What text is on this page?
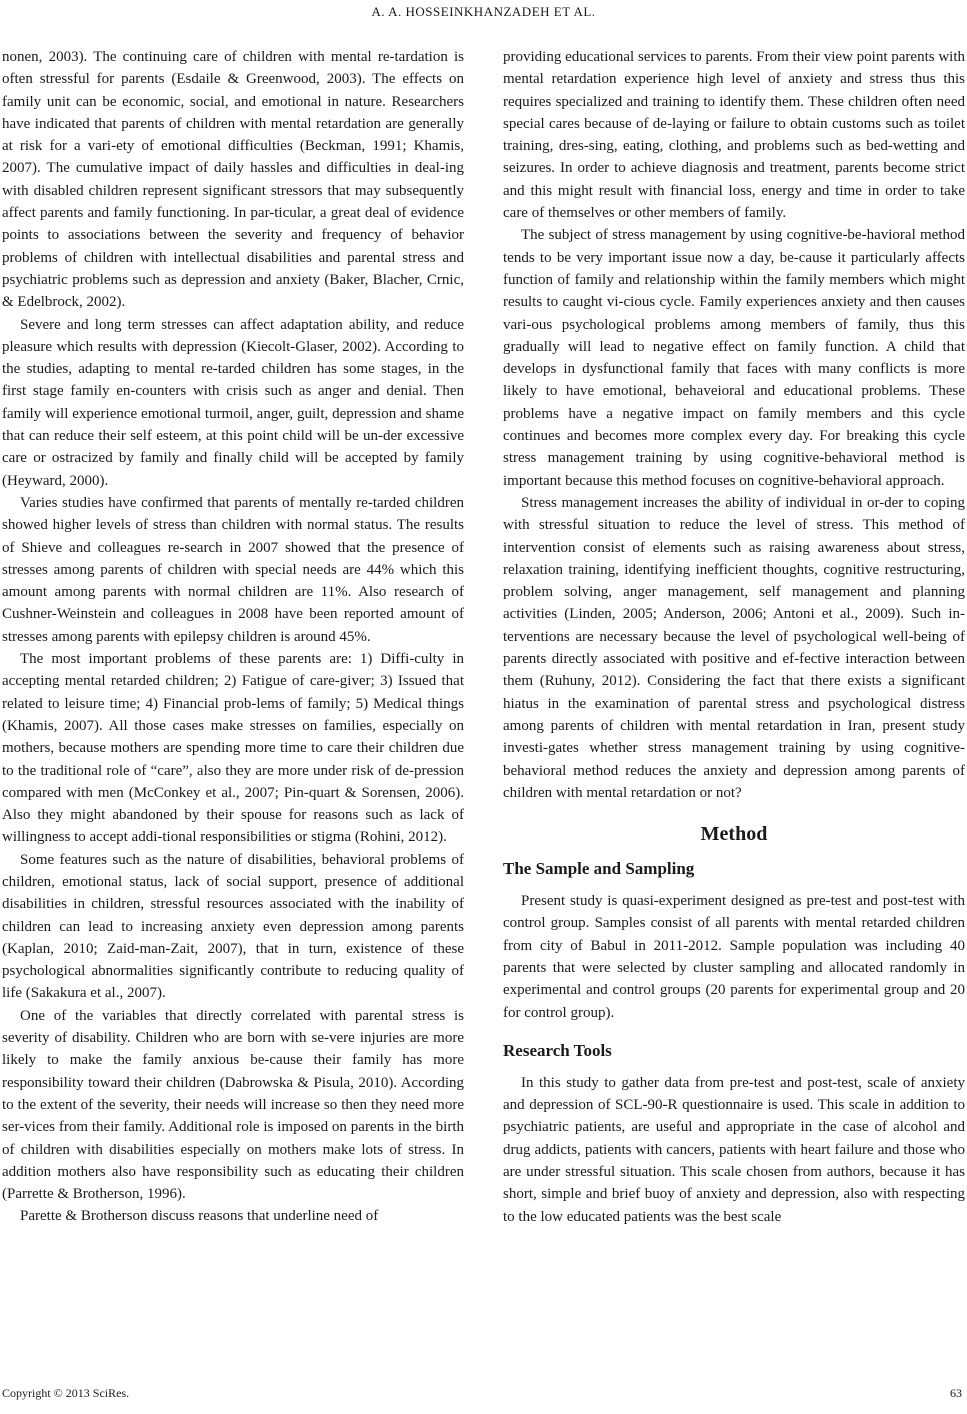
A. A. HOSSEINKHANZADEH ET AL.

nonen, 2003). The continuing care of children with mental re-tardation is often stressful for parents (Esdaile & Greenwood, 2003). The effects on family unit can be economic, social, and emotional in nature. Researchers have indicated that parents of children with mental retardation are generally at risk for a vari-ety of emotional difficulties (Beckman, 1991; Khamis, 2007). The cumulative impact of daily hassles and difficulties in deal-ing with disabled children represent significant stressors that may subsequently affect parents and family functioning. In par-ticular, a great deal of evidence points to associations between the severity and frequency of behavior problems of children with intellectual disabilities and parental stress and psychiatric problems such as depression and anxiety (Baker, Blacher, Crnic, & Edelbrock, 2002).

Severe and long term stresses can affect adaptation ability, and reduce pleasure which results with depression (Kiecolt-Glaser, 2002). According to the studies, adapting to mental re-tarded children has some stages, in the first stage family en-counters with crisis such as anger and denial. Then family will experience emotional turmoil, anger, guilt, depression and shame that can reduce their self esteem, at this point child will be un-der excessive care or ostracized by family and finally child will be accepted by family (Heyward, 2000).

Varies studies have confirmed that parents of mentally re-tarded children showed higher levels of stress than children with normal status. The results of Shieve and colleagues re-search in 2007 showed that the presence of stresses among parents of children with special needs are 44% which this amount among parents with normal children are 11%. Also research of Cushner-Weinstein and colleagues in 2008 have been reported amount of stresses among parents with epilepsy children is around 45%.

The most important problems of these parents are: 1) Diffi-culty in accepting mental retarded children; 2) Fatigue of care-giver; 3) Issued that related to leisure time; 4) Financial prob-lems of family; 5) Medical things (Khamis, 2007). All those cases make stresses on families, especially on mothers, because mothers are spending more time to care their children due to the traditional role of “care”, also they are more under risk of de-pression compared with men (McConkey et al., 2007; Pin-quart & Sorensen, 2006). Also they might abandoned by their spouse for reasons such as lack of willingness to accept addi-tional responsibilities or stigma (Rohini, 2012).

Some features such as the nature of disabilities, behavioral problems of children, emotional status, lack of social support, presence of additional disabilities in children, stressful resources associated with the inability of children can lead to increasing anxiety even depression among parents (Kaplan, 2010; Zaid-man-Zait, 2007), that in turn, existence of these psychological abnormalities significantly contribute to reducing quality of life (Sakakura et al., 2007).

One of the variables that directly correlated with parental stress is severity of disability. Children who are born with se-vere injuries are more likely to make the family anxious be-cause their family has more responsibility toward their children (Dabrowska & Pisula, 2010). According to the extent of the severity, their needs will increase so then they need more ser-vices from their family. Additional role is imposed on parents in the birth of children with disabilities especially on mothers make lots of stress. In addition mothers also have responsibility such as educating their children (Parrette & Brotherson, 1996).

Parette & Brotherson discuss reasons that underline need of

providing educational services to parents. From their view point parents with mental retardation experience high level of anxiety and stress thus this requires specialized and training to identify them. These children often need special cares because of de-laying or failure to obtain customs such as toilet training, dres-sing, eating, clothing, and problems such as bed-wetting and seizures. In order to achieve diagnosis and treatment, parents become strict and this might result with financial loss, energy and time in order to take care of themselves or other members of family.

The subject of stress management by using cognitive-be-havioral method tends to be very important issue now a day, be-cause it particularly affects function of family and relationship within the family members which might results to caught vi-cious cycle. Family experiences anxiety and then causes vari-ous psychological problems among members of family, thus this gradually will lead to negative effect on family function. A child that develops in dysfunctional family that faces with many conflicts is more likely to have emotional, behaveioral and educational problems. These problems have a negative impact on family members and this cycle continues and becomes more complex every day. For breaking this cycle stress management training by using cognitive-behavioral method is important because this method focuses on cognitive-behavioral approach.

Stress management increases the ability of individual in or-der to coping with stressful situation to reduce the level of stress. This method of intervention consist of elements such as raising awareness about stress, relaxation training, identifying inefficient thoughts, cognitive restructuring, problem solving, anger management, self management and planning activities (Linden, 2005; Anderson, 2006; Antoni et al., 2009). Such in-terventions are necessary because the level of psychological well-being of parents directly associated with positive and ef-fective interaction between them (Ruhuny, 2012). Considering the fact that there exists a significant hiatus in the examination of parental stress and psychological distress among parents of children with mental retardation in Iran, present study investi-gates whether stress management training by using cognitive-behavioral method reduces the anxiety and depression among parents of children with mental retardation or not?

Method
The Sample and Sampling

Present study is quasi-experiment designed as pre-test and post-test with control group. Samples consist of all parents with mental retarded children from city of Babul in 2011-2012. Sample population was including 40 parents that were selected by cluster sampling and allocated randomly in experimental and control groups (20 parents for experimental group and 20 for control group).

Research Tools

In this study to gather data from pre-test and post-test, scale of anxiety and depression of SCL-90-R questionnaire is used. This scale in addition to psychiatric patients, are useful and appropriate in the case of alcohol and drug addicts, patients with cancers, patients with heart failure and those who are under stressful situation. This scale chosen from authors, because it has short, simple and brief buoy of anxiety and depression, also with respecting to the low educated patients was the best scale

Copyright © 2013 SciRes.	63
